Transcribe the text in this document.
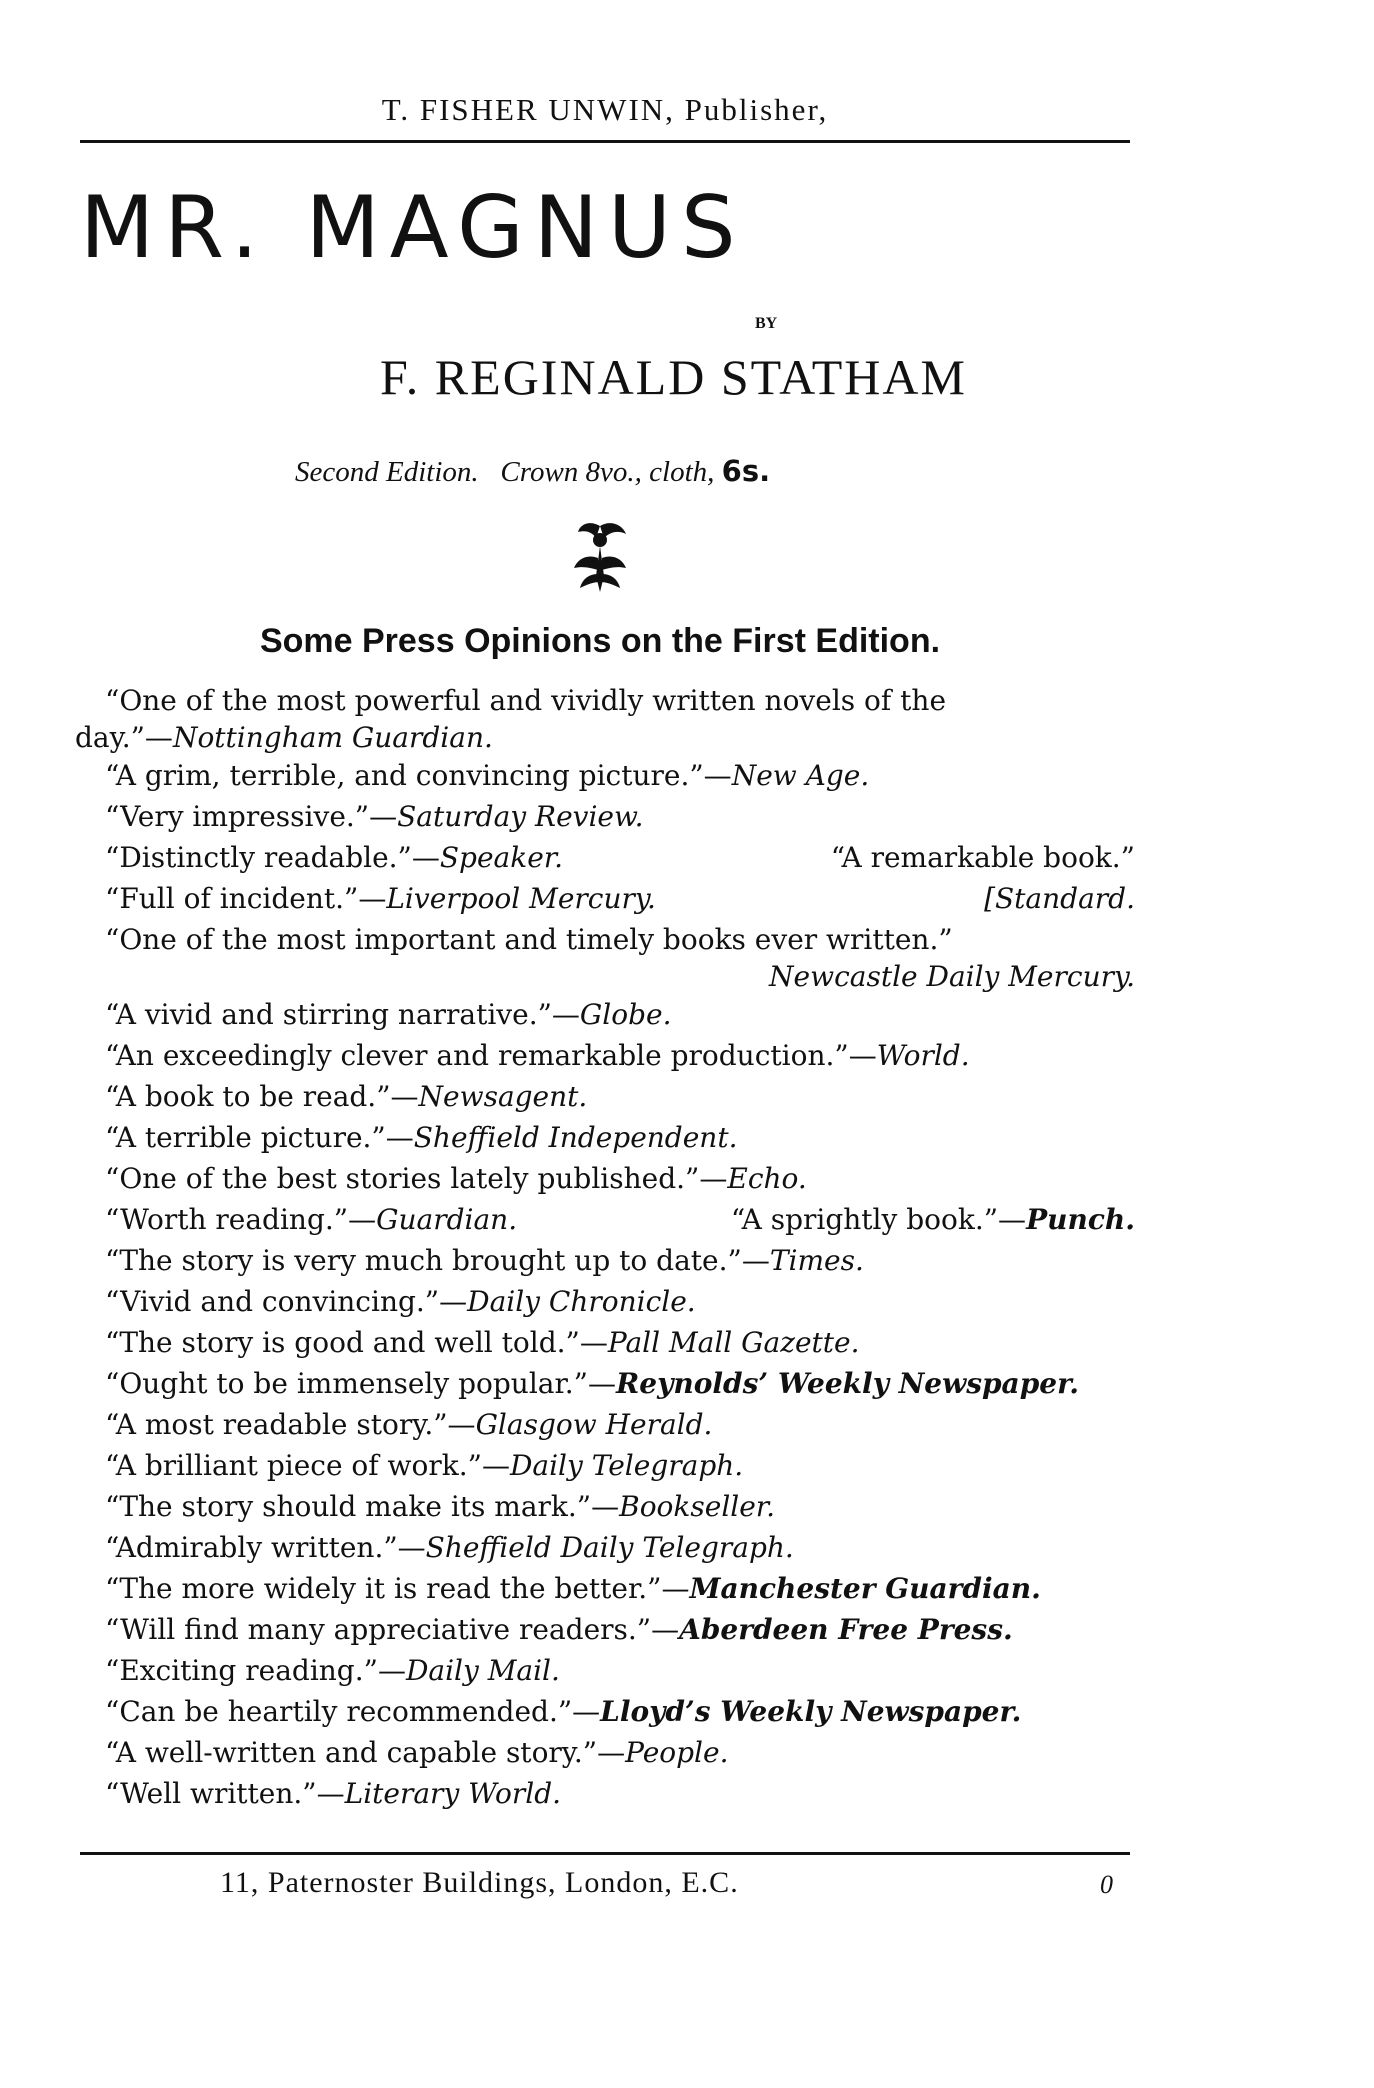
T. FISHER UNWIN, Publisher,
MR. MAGNUS
BY
F. REGINALD STATHAM
Second Edition. Crown 8vo., cloth, 6s.
Some Press Opinions on the First Edition.
“One of the most powerful and vividly written novels of the
day.”—Nottingham Guardian.
“A grim, terrible, and convincing picture.”—New Age.
“Very impressive.”—Saturday Review.
“Distinctly readable.”—Speaker.	“A remarkable book.”
“Full of incident.”—Liverpool Mercury.	[Standard.
“One of the most important and timely books ever written.”
Newcastle Daily Mercury.
“A vivid and stirring narrative.”—Globe.
“An exceedingly clever and remarkable production.”—World.
“A book to be read.”—Newsagent.
“A terrible picture.”—Sheffield Independent.
“One of the best stories lately published.”—Echo.
“Worth reading.”—Guardian.	“A sprightly book.”—Punch.
“The story is very much brought up to date.”—Times.
“Vivid and convincing.”—Daily Chronicle.
“The story is good and well told.”—Pall Mall Gazette.
“Ought to be immensely popular.”—Reynolds’ Weekly Newspaper.
“A most readable story.”—Glasgow Herald.
“A brilliant piece of work.”—Daily Telegraph.
“The story should make its mark.”—Bookseller.
“Admirably written.”—Sheffield Daily Telegraph.
“The more widely it is read the better.”—Manchester Guardian.
“Will find many appreciative readers.”—Aberdeen Free Press.
“Exciting reading.”—Daily Mail.
“Can be heartily recommended.”—Lloyd’s Weekly Newspaper.
“A well-written and capable story.”—People.
“Well written.”—Literary World.
11, Paternoster Buildings, London, E.C.	0
